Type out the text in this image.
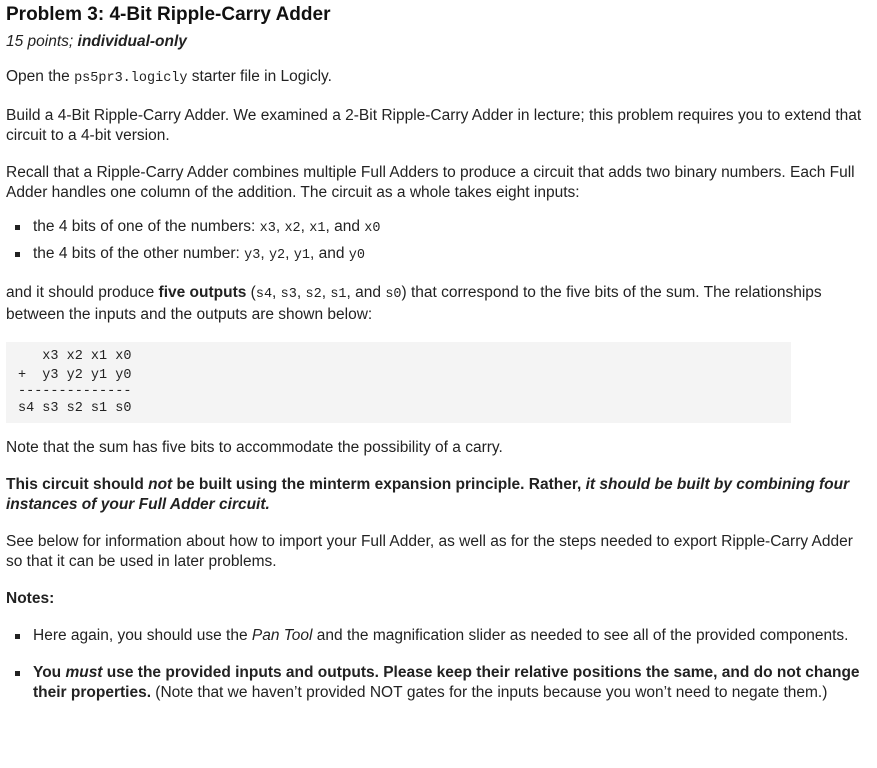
Problem 3: 4-Bit Ripple-Carry Adder

15 points; individual-only

Open the ps5pr3.logicly starter file in Logicly.

Build a 4-Bit Ripple-Carry Adder. We examined a 2-Bit Ripple-Carry Adder in lecture; this problem requires you to extend that circuit to a 4-bit version.

Recall that a Ripple-Carry Adder combines multiple Full Adders to produce a circuit that adds two binary numbers. Each Full Adder handles one column of the addition. The circuit as a whole takes eight inputs:

the 4 bits of one of the numbers: x3, x2, x1, and x0
the 4 bits of the other number: y3, y2, y1, and y0

and it should produce five outputs (s4, s3, s2, s1, and s0) that correspond to the five bits of the sum. The relationships between the inputs and the outputs are shown below:

x3 x2 x1 x0
+  y3 y2 y1 y0
--------------
s4 s3 s2 s1 s0

Note that the sum has five bits to accommodate the possibility of a carry.

This circuit should not be built using the minterm expansion principle. Rather, it should be built by combining four instances of your Full Adder circuit.

See below for information about how to import your Full Adder, as well as for the steps needed to export Ripple-Carry Adder so that it can be used in later problems.

Notes:

Here again, you should use the Pan Tool and the magnification slider as needed to see all of the provided components.
You must use the provided inputs and outputs. Please keep their relative positions the same, and do not change their properties. (Note that we haven’t provided NOT gates for the inputs because you won’t need to negate them.)
